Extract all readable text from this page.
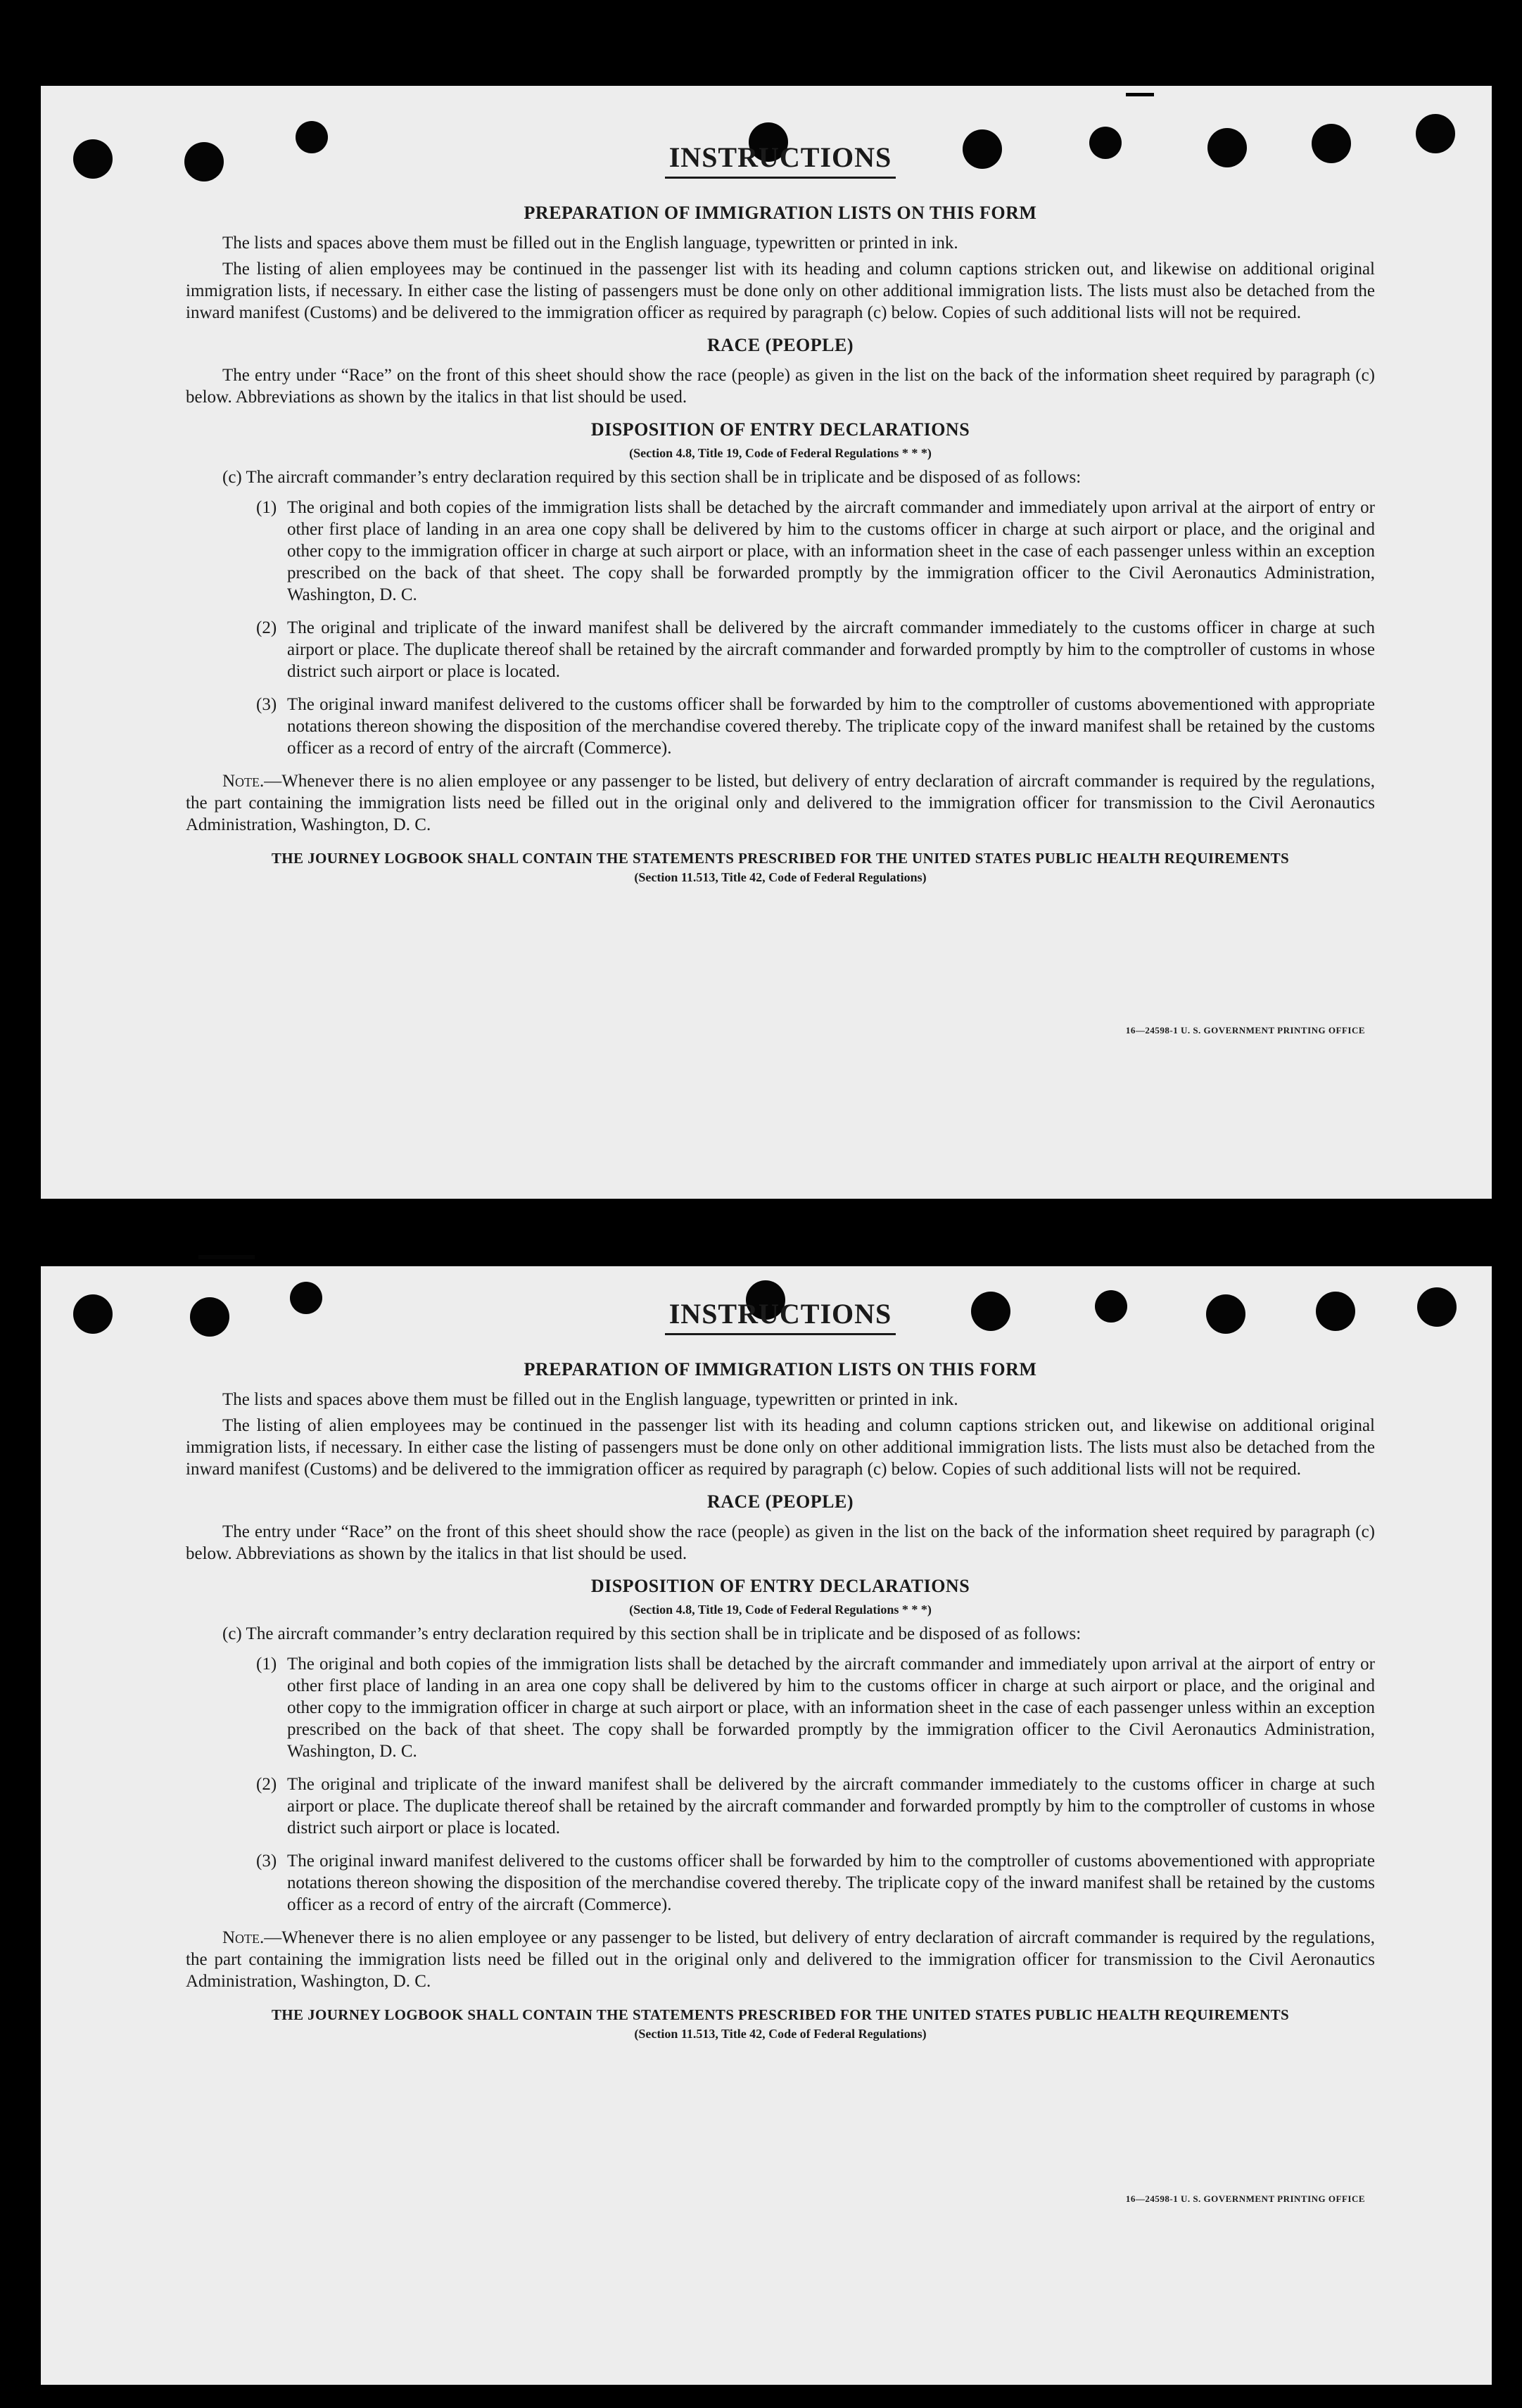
INSTRUCTIONS
PREPARATION OF IMMIGRATION LISTS ON THIS FORM

The lists and spaces above them must be filled out in the English language, typewritten or printed in ink.

The listing of alien employees may be continued in the passenger list with its heading and column captions stricken out, and likewise on additional original immigration lists, if necessary. In either case the listing of passengers must be done only on other additional immigration lists. The lists must also be detached from the inward manifest (Customs) and be delivered to the immigration officer as required by paragraph (c) below. Copies of such additional lists will not be required.

RACE (PEOPLE)

The entry under “Race” on the front of this sheet should show the race (people) as given in the list on the back of the information sheet required by paragraph (c) below. Abbreviations as shown by the italics in that list should be used.

DISPOSITION OF ENTRY DECLARATIONS
(Section 4.8, Title 19, Code of Federal Regulations * * *)

(c) The aircraft commander’s entry declaration required by this section shall be in triplicate and be disposed of as follows:

(1) The original and both copies of the immigration lists shall be detached by the aircraft commander and immediately upon arrival at the airport of entry or other first place of landing in an area one copy shall be delivered by him to the customs officer in charge at such airport or place, and the original and other copy to the immigration officer in charge at such airport or place, with an information sheet in the case of each passenger unless within an exception prescribed on the back of that sheet. The copy shall be forwarded promptly by the immigration officer to the Civil Aeronautics Administration, Washington, D. C.
(2) The original and triplicate of the inward manifest shall be delivered by the aircraft commander immediately to the customs officer in charge at such airport or place. The duplicate thereof shall be retained by the aircraft commander and forwarded promptly by him to the comptroller of customs in whose district such airport or place is located.
(3) The original inward manifest delivered to the customs officer shall be forwarded by him to the comptroller of customs abovementioned with appropriate notations thereon showing the disposition of the merchandise covered thereby. The triplicate copy of the inward manifest shall be retained by the customs officer as a record of entry of the aircraft (Commerce).

Note.—Whenever there is no alien employee or any passenger to be listed, but delivery of entry declaration of aircraft commander is required by the regulations, the part containing the immigration lists need be filled out in the original only and delivered to the immigration officer for transmission to the Civil Aeronautics Administration, Washington, D. C.

THE JOURNEY LOGBOOK SHALL CONTAIN THE STATEMENTS PRESCRIBED FOR THE UNITED STATES PUBLIC HEALTH REQUIREMENTS
(Section 11.513, Title 42, Code of Federal Regulations)
16—24598-1 U. S. GOVERNMENT PRINTING OFFICE
INSTRUCTIONS
PREPARATION OF IMMIGRATION LISTS ON THIS FORM

The lists and spaces above them must be filled out in the English language, typewritten or printed in ink.

The listing of alien employees may be continued in the passenger list with its heading and column captions stricken out, and likewise on additional original immigration lists, if necessary. In either case the listing of passengers must be done only on other additional immigration lists. The lists must also be detached from the inward manifest (Customs) and be delivered to the immigration officer as required by paragraph (c) below. Copies of such additional lists will not be required.

RACE (PEOPLE)

The entry under “Race” on the front of this sheet should show the race (people) as given in the list on the back of the information sheet required by paragraph (c) below. Abbreviations as shown by the italics in that list should be used.

DISPOSITION OF ENTRY DECLARATIONS
(Section 4.8, Title 19, Code of Federal Regulations * * *)

(c) The aircraft commander’s entry declaration required by this section shall be in triplicate and be disposed of as follows:

(1) The original and both copies of the immigration lists shall be detached by the aircraft commander and immediately upon arrival at the airport of entry or other first place of landing in an area one copy shall be delivered by him to the customs officer in charge at such airport or place, and the original and other copy to the immigration officer in charge at such airport or place, with an information sheet in the case of each passenger unless within an exception prescribed on the back of that sheet. The copy shall be forwarded promptly by the immigration officer to the Civil Aeronautics Administration, Washington, D. C.
(2) The original and triplicate of the inward manifest shall be delivered by the aircraft commander immediately to the customs officer in charge at such airport or place. The duplicate thereof shall be retained by the aircraft commander and forwarded promptly by him to the comptroller of customs in whose district such airport or place is located.
(3) The original inward manifest delivered to the customs officer shall be forwarded by him to the comptroller of customs abovementioned with appropriate notations thereon showing the disposition of the merchandise covered thereby. The triplicate copy of the inward manifest shall be retained by the customs officer as a record of entry of the aircraft (Commerce).

Note.—Whenever there is no alien employee or any passenger to be listed, but delivery of entry declaration of aircraft commander is required by the regulations, the part containing the immigration lists need be filled out in the original only and delivered to the immigration officer for transmission to the Civil Aeronautics Administration, Washington, D. C.

THE JOURNEY LOGBOOK SHALL CONTAIN THE STATEMENTS PRESCRIBED FOR THE UNITED STATES PUBLIC HEALTH REQUIREMENTS
(Section 11.513, Title 42, Code of Federal Regulations)
16—24598-1 U. S. GOVERNMENT PRINTING OFFICE
